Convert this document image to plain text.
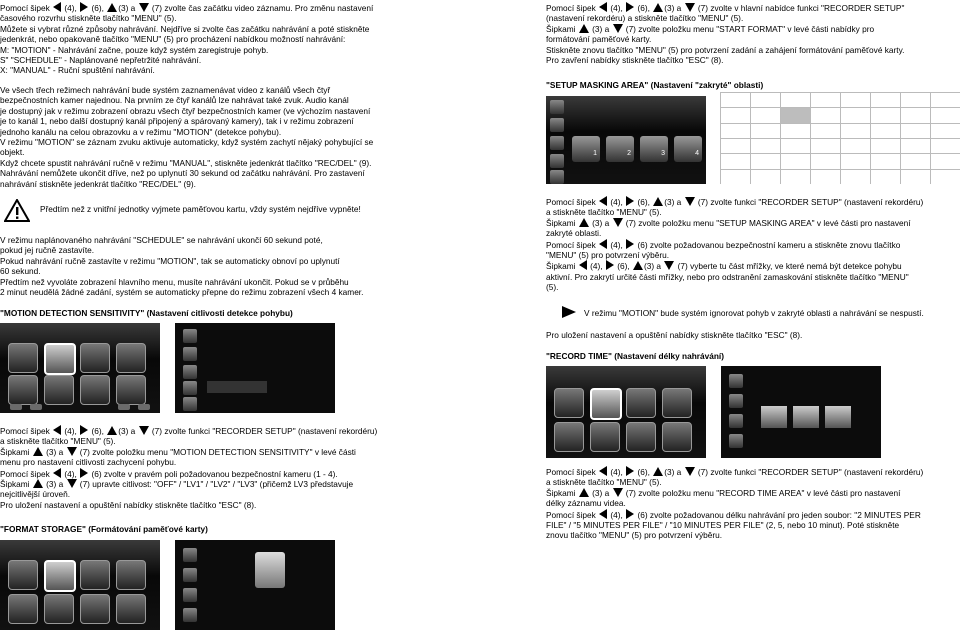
Pomocí šipek  (4),  (6), (3) a  (7) zvolte čas začátku video záznamu. Pro změnu nastavení
časového rozvrhu stiskněte tlačítko "MENU" (5).
Můžete si vybrat různé způsoby nahrávání. Nejdříve si zvolte čas začátku nahrávání a poté stiskněte
jedenkrát, nebo opakovaně tlačítko "MENU" (5) pro procházení nabídkou možností nahrávání:
M: "MOTION" - Nahrávání začne, pouze když systém zaregistruje pohyb.
S" "SCHEDULE" - Naplánované nepřetržité nahrávání.
X: "MANUAL" - Ruční spuštění nahrávání.
Ve všech třech režimech nahrávání bude systém zaznamenávat video z kanálů všech čtyř
bezpečnostních kamer najednou. Na prvním ze čtyř kanálů lze nahrávat také zvuk. Audio kanál
je dostupný jak v režimu zobrazení obrazu všech čtyř bezpečnostních kamer (ve výchozím nastavení
je to kanál 1, nebo další dostupný kanál připojený a spárovaný kamery), tak i v režimu zobrazení
jednoho kanálu na celou obrazovku a v režimu "MOTION" (detekce pohybu).
V režimu "MOTION" se záznam zvuku aktivuje automaticky, když systém zachytí nějaký pohybující se
objekt.
Když chcete spustit nahrávání ručně v režimu "MANUAL", stiskněte jedenkrát tlačítko "REC/DEL" (9).
Nahrávání nemůžete ukončit dříve, než po uplynutí 30 sekund od začátku nahrávání. Pro zastavení
nahrávání stiskněte jedenkrát tlačítko "REC/DEL" (9).
Předtím než z vnitřní jednotky vyjmete paměťovou kartu, vždy systém nejdříve vypněte!
V režimu naplánovaného nahrávání "SCHEDULE" se nahrávání ukončí 60 sekund poté,
pokud jej ručně zastavíte.
Pokud nahrávání ručně zastavíte v režimu "MOTION", tak se automaticky obnoví po uplynutí
60 sekund.
Předtím než vyvoláte zobrazení hlavního menu, musíte nahrávání ukončit. Pokud se v průběhu
2 minut neudělá žádné zadání, systém se automaticky přepne do režimu zobrazení všech 4 kamer.
"MOTION DETECTION SENSITIVITY" (Nastavení citlivosti detekce pohybu)
Pomocí šipek  (4),  (6), (3) a  (7) zvolte funkci "RECORDER SETUP" (nastavení rekordéru)
a stiskněte tlačítko "MENU" (5).
Šipkami  (3) a  (7) zvolte položku menu "MOTION DETECTION SENSITIVITY" v levé části
menu pro nastavení citlivosti zachycení pohybu.
Pomocí šipek  (4),  (6) zvolte v pravém poli požadovanou bezpečnostní kameru (1 - 4).
Šipkami  (3) a  (7) upravte citlivost: "OFF" / "LV1" / "LV2" / "LV3" (přičemž LV3 představuje
nejcitlivější úroveň.
Pro uložení nastavení a opuštění nabídky stiskněte tlačítko "ESC" (8).
"FORMAT STORAGE" (Formátování paměťové karty)
Pomocí šipek  (4),  (6), (3) a  (7) zvolte v hlavní nabídce funkci "RECORDER SETUP"
(nastavení rekordéru) a stiskněte tlačítko "MENU" (5).
Šipkami  (3) a  (7) zvolte položku menu "START FORMAT" v levé části nabídky pro
formátování paměťové karty.
Stiskněte znovu tlačítko "MENU" (5) pro potvrzení zadání a zahájení formátování paměťové karty.
Pro zavření nabídky stiskněte tlačítko "ESC" (8).
"SETUP MASKING AREA" (Nastavení "zakryté" oblasti)
1	2	3	4
Pomocí šipek  (4),  (6), (3) a  (7) zvolte funkci "RECORDER SETUP" (nastavení rekordéru)
a stiskněte tlačítko "MENU" (5).
Šipkami  (3) a  (7) zvolte položku menu "SETUP MASKING AREA" v levé části pro nastavení
zakryté oblasti.
Pomocí šipek  (4),  (6) zvolte požadovanou bezpečnostní kameru a stiskněte znovu tlačítko
"MENU" (5) pro potvrzení výběru.
Šipkami  (4),  (6), (3) a  (7) vyberte tu část mřížky, ve které nemá být detekce pohybu
aktivní. Pro zakrytí určité části mřížky, nebo pro odstranění zamaskování stiskněte tlačítko "MENU"
(5).
V režimu "MOTION" bude systém ignorovat pohyb v zakryté oblasti a nahrávání se nespustí.
Pro uložení nastavení a opuštění nabídky stiskněte tlačítko "ESC" (8).
"RECORD TIME" (Nastavení délky nahrávání)
Pomocí šipek  (4),  (6), (3) a  (7) zvolte funkci "RECORDER SETUP" (nastavení rekordéru)
a stiskněte tlačítko "MENU" (5).
Šipkami  (3) a  (7) zvolte položku menu "RECORD TIME AREA" v levé části pro nastavení
délky záznamu videa.
Pomocí šipek  (4),  (6) zvolte požadovanou délku nahrávání pro jeden soubor: "2 MINUTES PER
FILE" / "5 MINUTES PER FILE" / "10 MINUTES PER FILE" (2, 5, nebo 10 minut). Poté stiskněte
znovu tlačítko "MENU" (5) pro potvrzení výběru.
